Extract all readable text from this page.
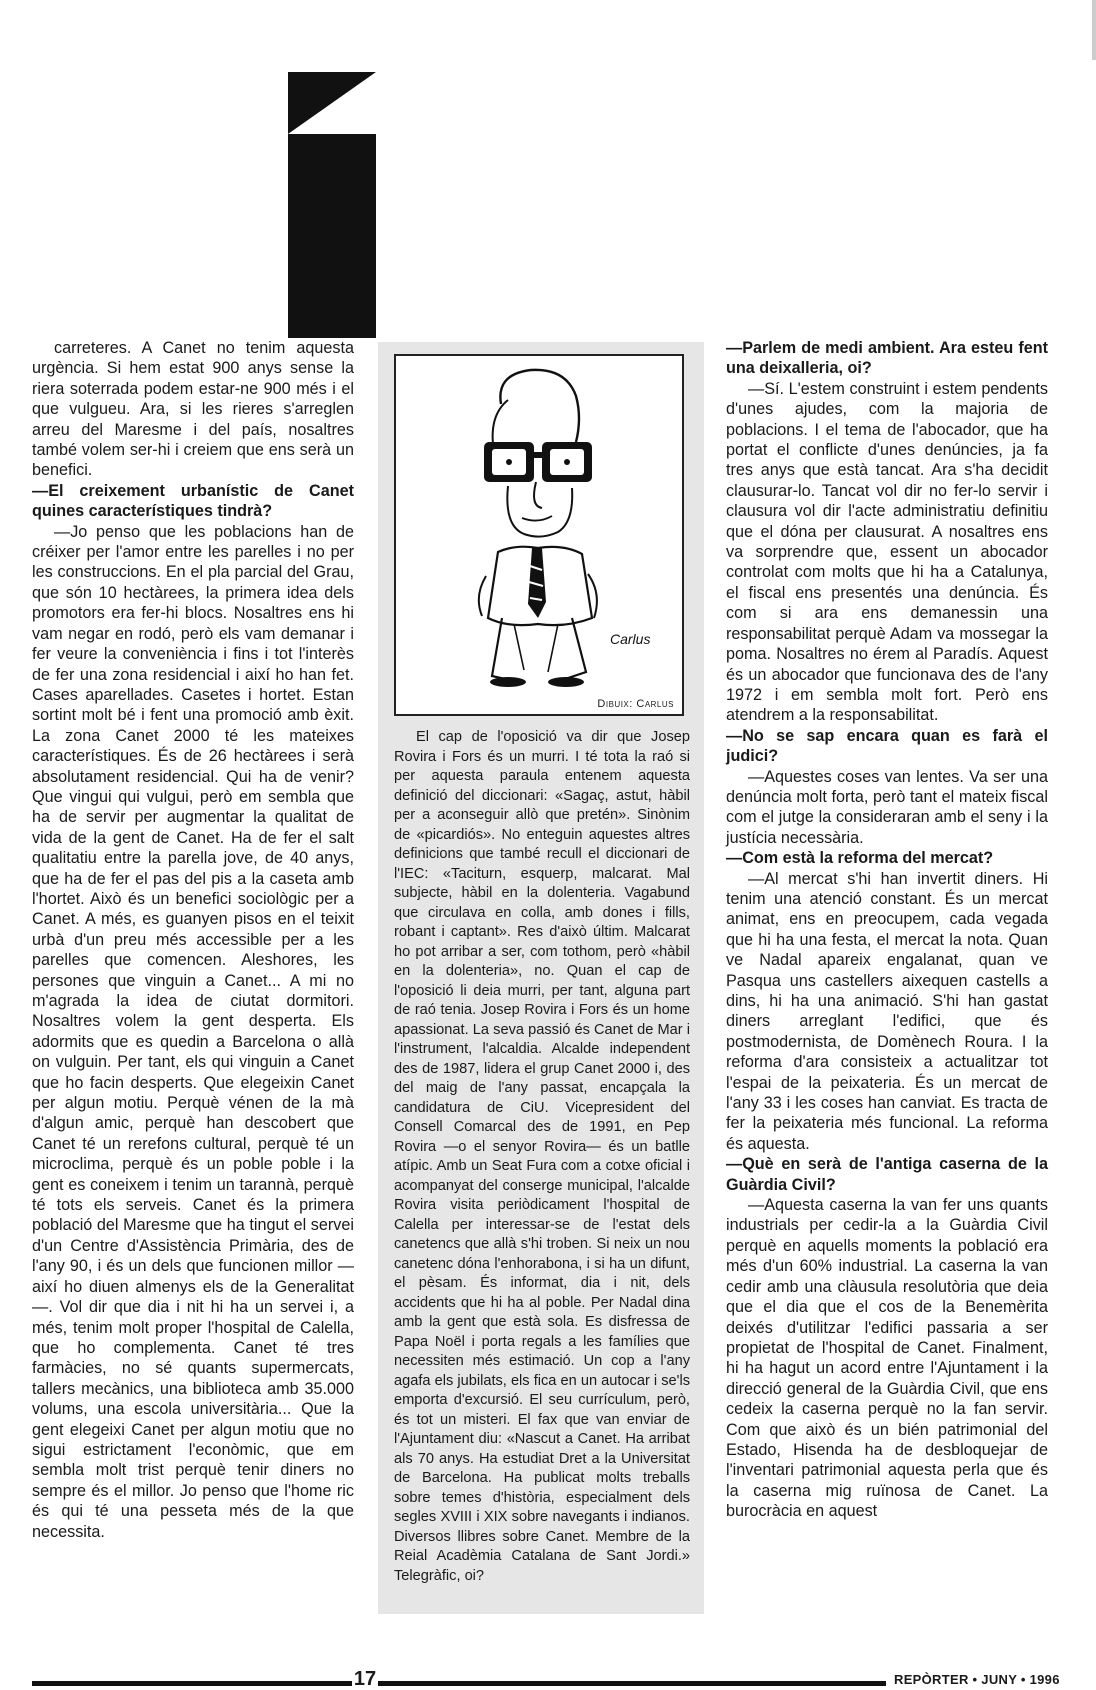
carreteres. A Canet no tenim aquesta urgència. Si hem estat 900 anys sense la riera soterrada podem estar-ne 900 més i el que vulgueu. Ara, si les rieres s'arreglen arreu del Maresme i del país, nosaltres també volem ser-hi i creiem que ens serà un benefici.

—El creixement urbanístic de Canet quines característiques tindrà?

—Jo penso que les poblacions han de créixer per l'amor entre les parelles i no per les construccions. En el pla parcial del Grau, que són 10 hectàrees, la primera idea dels promotors era fer-hi blocs. Nosaltres ens hi vam negar en rodó, però els vam demanar i fer veure la conveniència i fins i tot l'interès de fer una zona residencial i així ho han fet. Cases aparellades. Casetes i hortet. Estan sortint molt bé i fent una promoció amb èxit. La zona Canet 2000 té les mateixes característiques. És de 26 hectàrees i serà absolutament residencial. Qui ha de venir? Que vingui qui vulgui, però em sembla que ha de servir per augmentar la qualitat de vida de la gent de Canet. Ha de fer el salt qualitatiu entre la parella jove, de 40 anys, que ha de fer el pas del pis a la caseta amb l'hortet. Això és un benefici sociològic per a Canet. A més, es guanyen pisos en el teixit urbà d'un preu més accessible per a les parelles que comencen. Aleshores, les persones que vinguin a Canet... A mi no m'agrada la idea de ciutat dormitori. Nosaltres volem la gent desperta. Els adormits que es quedin a Barcelona o allà on vulguin. Per tant, els qui vinguin a Canet que ho facin desperts. Que elegeixin Canet per algun motiu. Perquè vénen de la mà d'algun amic, perquè han descobert que Canet té un rerefons cultural, perquè té un microclima, perquè és un poble poble i la gent es coneixem i tenim un tarannà, perquè té tots els serveis. Canet és la primera població del Maresme que ha tingut el servei d'un Centre d'Assistència Primària, des de l'any 90, i és un dels que funcionen millor —així ho diuen almenys els de la Generalitat—. Vol dir que dia i nit hi ha un servei i, a més, tenim molt proper l'hospital de Calella, que ho complementa. Canet té tres farmàcies, no sé quants supermercats, tallers mecànics, una biblioteca amb 35.000 volums, una escola universitària... Que la gent elegeixi Canet per algun motiu que no sigui estrictament l'econòmic, que em sembla molt trist perquè tenir diners no sempre és el millor. Jo penso que l'home ric és qui té una pesseta més de la que necessita.

Carlus
Dibuix: Carlus
El cap de l'oposició va dir que Josep Rovira i Fors és un murri. I té tota la raó si per aquesta paraula entenem aquesta definició del diccionari: «Sagaç, astut, hàbil per a aconseguir allò que pretén». Sinònim de «picardiós». No enteguin aquestes altres definicions que també recull el diccionari de l'IEC: «Taciturn, esquerp, malcarat. Mal subjecte, hàbil en la dolenteria. Vagabund que circulava en colla, amb dones i fills, robant i captant». Res d'això últim. Malcarat ho pot arribar a ser, com tothom, però «hàbil en la dolenteria», no. Quan el cap de l'oposició li deia murri, per tant, alguna part de raó tenia. Josep Rovira i Fors és un home apassionat. La seva passió és Canet de Mar i l'instrument, l'alcaldia. Alcalde independent des de 1987, lidera el grup Canet 2000 i, des del maig de l'any passat, encapçala la candidatura de CiU. Vicepresident del Consell Comarcal des de 1991, en Pep Rovira —o el senyor Rovira— és un batlle atípic. Amb un Seat Fura com a cotxe oficial i acompanyat del conserge municipal, l'alcalde Rovira visita periòdicament l'hospital de Calella per interessar-se de l'estat dels canetencs que allà s'hi troben. Si neix un nou canetenc dóna l'enhorabona, i si ha un difunt, el pèsam. És informat, dia i nit, dels accidents que hi ha al poble. Per Nadal dina amb la gent que està sola. Es disfressa de Papa Noël i porta regals a les famílies que necessiten més estimació. Un cop a l'any agafa els jubilats, els fica en un autocar i se'ls emporta d'excursió. El seu currículum, però, és tot un misteri. El fax que van enviar de l'Ajuntament diu: «Nascut a Canet. Ha arribat als 70 anys. Ha estudiat Dret a la Universitat de Barcelona. Ha publicat molts treballs sobre temes d'història, especialment dels segles XVIII i XIX sobre navegants i indianos. Diversos llibres sobre Canet. Membre de la Reial Acadèmia Catalana de Sant Jordi.» Telegràfic, oi?

—Parlem de medi ambient. Ara esteu fent una deixalleria, oi?

—Sí. L'estem construint i estem pendents d'unes ajudes, com la majoria de poblacions. I el tema de l'abocador, que ha portat el conflicte d'unes denúncies, ja fa tres anys que està tancat. Ara s'ha decidit clausurar-lo. Tancat vol dir no fer-lo servir i clausura vol dir l'acte administratiu definitiu que el dóna per clausurat. A nosaltres ens va sorprendre que, essent un abocador controlat com molts que hi ha a Catalunya, el fiscal ens presentés una denúncia. És com si ara ens demanessin una responsabilitat perquè Adam va mossegar la poma. Nosaltres no érem al Paradís. Aquest és un abocador que funcionava des de l'any 1972 i em sembla molt fort. Però ens atendrem a la responsabilitat.

—No se sap encara quan es farà el judici?

—Aquestes coses van lentes. Va ser una denúncia molt forta, però tant el mateix fiscal com el jutge la consideraran amb el seny i la justícia necessària.

—Com està la reforma del mercat?

—Al mercat s'hi han invertit diners. Hi tenim una atenció constant. És un mercat animat, ens en preocupem, cada vegada que hi ha una festa, el mercat la nota. Quan ve Nadal apareix engalanat, quan ve Pasqua uns castellers aixequen castells a dins, hi ha una animació. S'hi han gastat diners arreglant l'edifici, que és postmodernista, de Domènech Roura. I la reforma d'ara consisteix a actualitzar tot l'espai de la peixateria. És un mercat de l'any 33 i les coses han canviat. Es tracta de fer la peixateria més funcional. La reforma és aquesta.

—Què en serà de l'antiga caserna de la Guàrdia Civil?

—Aquesta caserna la van fer uns quants industrials per cedir-la a la Guàrdia Civil perquè en aquells moments la població era més d'un 60% industrial. La caserna la van cedir amb una clàusula resolutòria que deia que el dia que el cos de la Benemèrita deixés d'utilitzar l'edifici passaria a ser propietat de l'hospital de Canet. Finalment, hi ha hagut un acord entre l'Ajuntament i la direcció general de la Guàrdia Civil, que ens cedeix la caserna perquè no la fan servir. Com que això és un bién patrimonial del Estado, Hisenda ha de desbloquejar de l'inventari patrimonial aquesta perla que és la caserna mig ruïnosa de Canet. La burocràcia en aquest

17	REPÒRTER • JUNY • 1996
